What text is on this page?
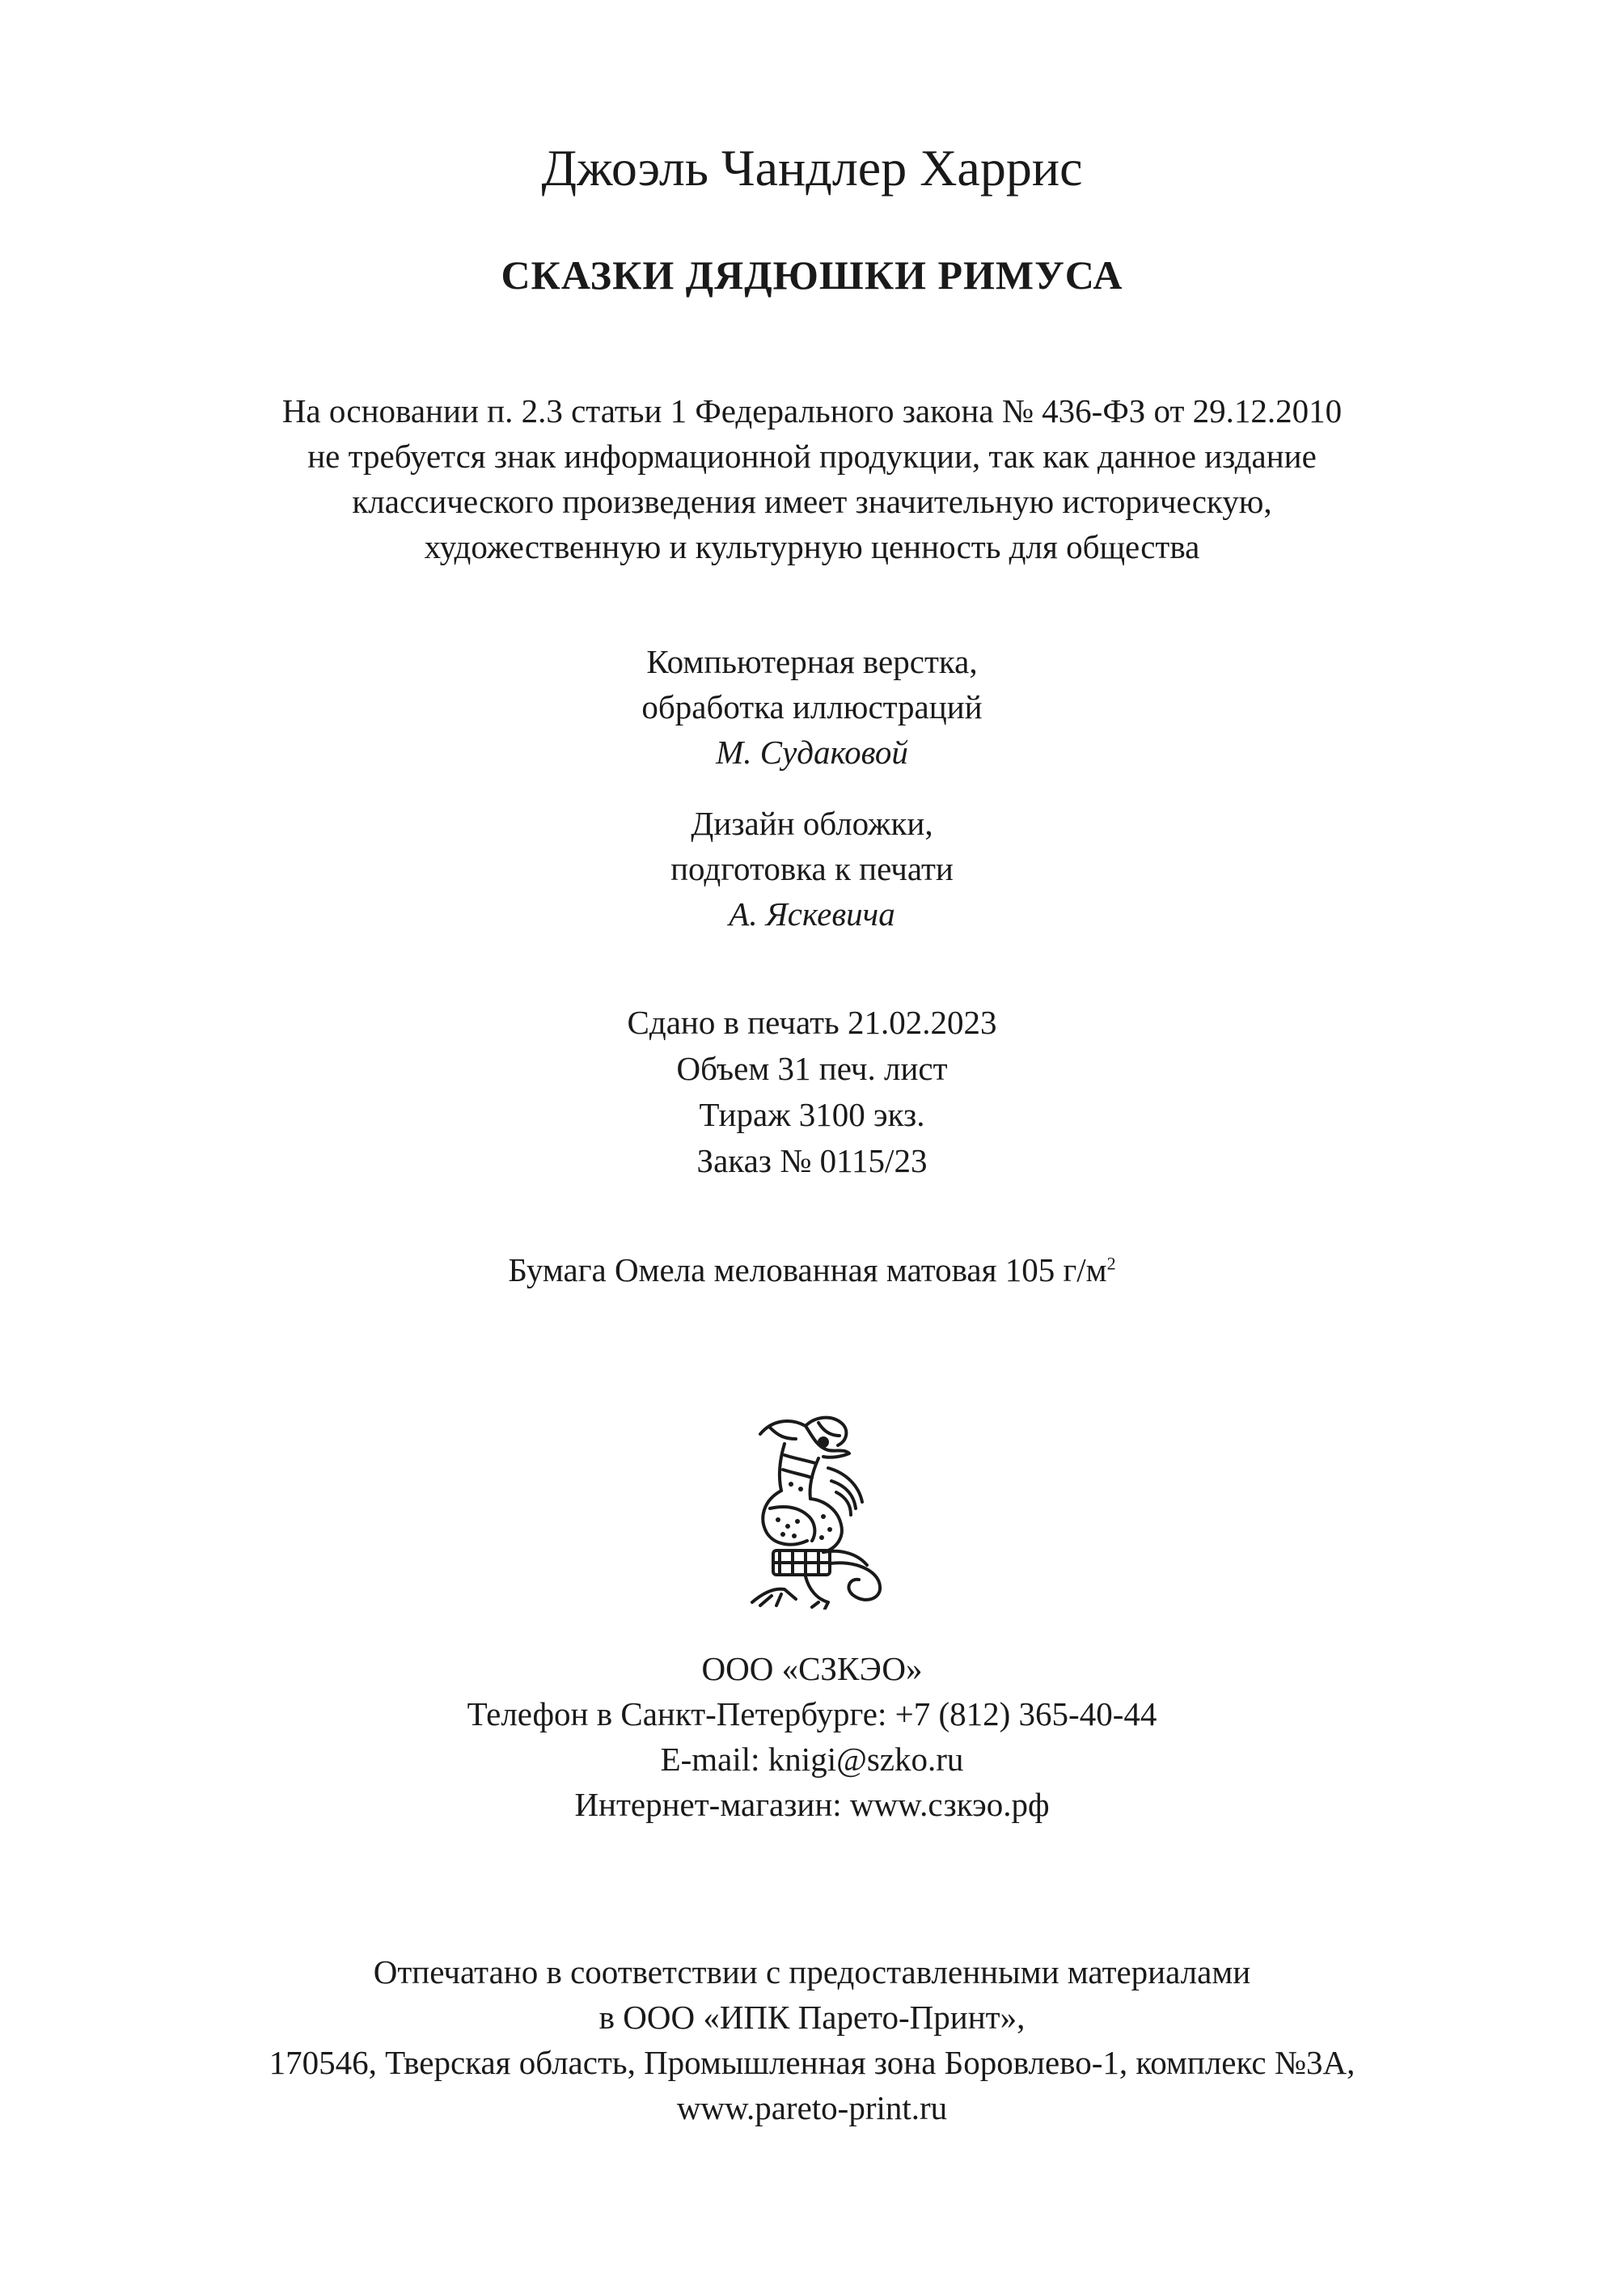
Джоэль Чандлер Харрис
СКАЗКИ ДЯДЮШКИ РИМУСА
На основании п. 2.3 статьи 1 Федерального закона № 436-ФЗ от 29.12.2010
не требуется знак информационной продукции, так как данное издание
классического произведения имеет значительную историческую,
художественную и культурную ценность для общества
Компьютерная верстка,
обработка иллюстраций
М. Судаковой
Дизайн обложки,
подготовка к печати
А. Яскевича
Сдано в печать 21.02.2023
Объем 31 печ. лист
Тираж 3100 экз.
Заказ № 0115/23
Бумага Омела мелованная матовая 105 $г/м^2$
ООО «СЗКЭО»
Телефон в Санкт-Петербурге: +7 (812) 365-40-44
E-mail: knigi@szko.ru
Интернет-магазин: www.сзкэо.рф
Отпечатано в соответствии с предоставленными материалами
в ООО «ИПК Парето-Принт»,
170546, Тверская область, Промышленная зона Боровлево-1, комплекс №3А,
www.pareto-print.ru
